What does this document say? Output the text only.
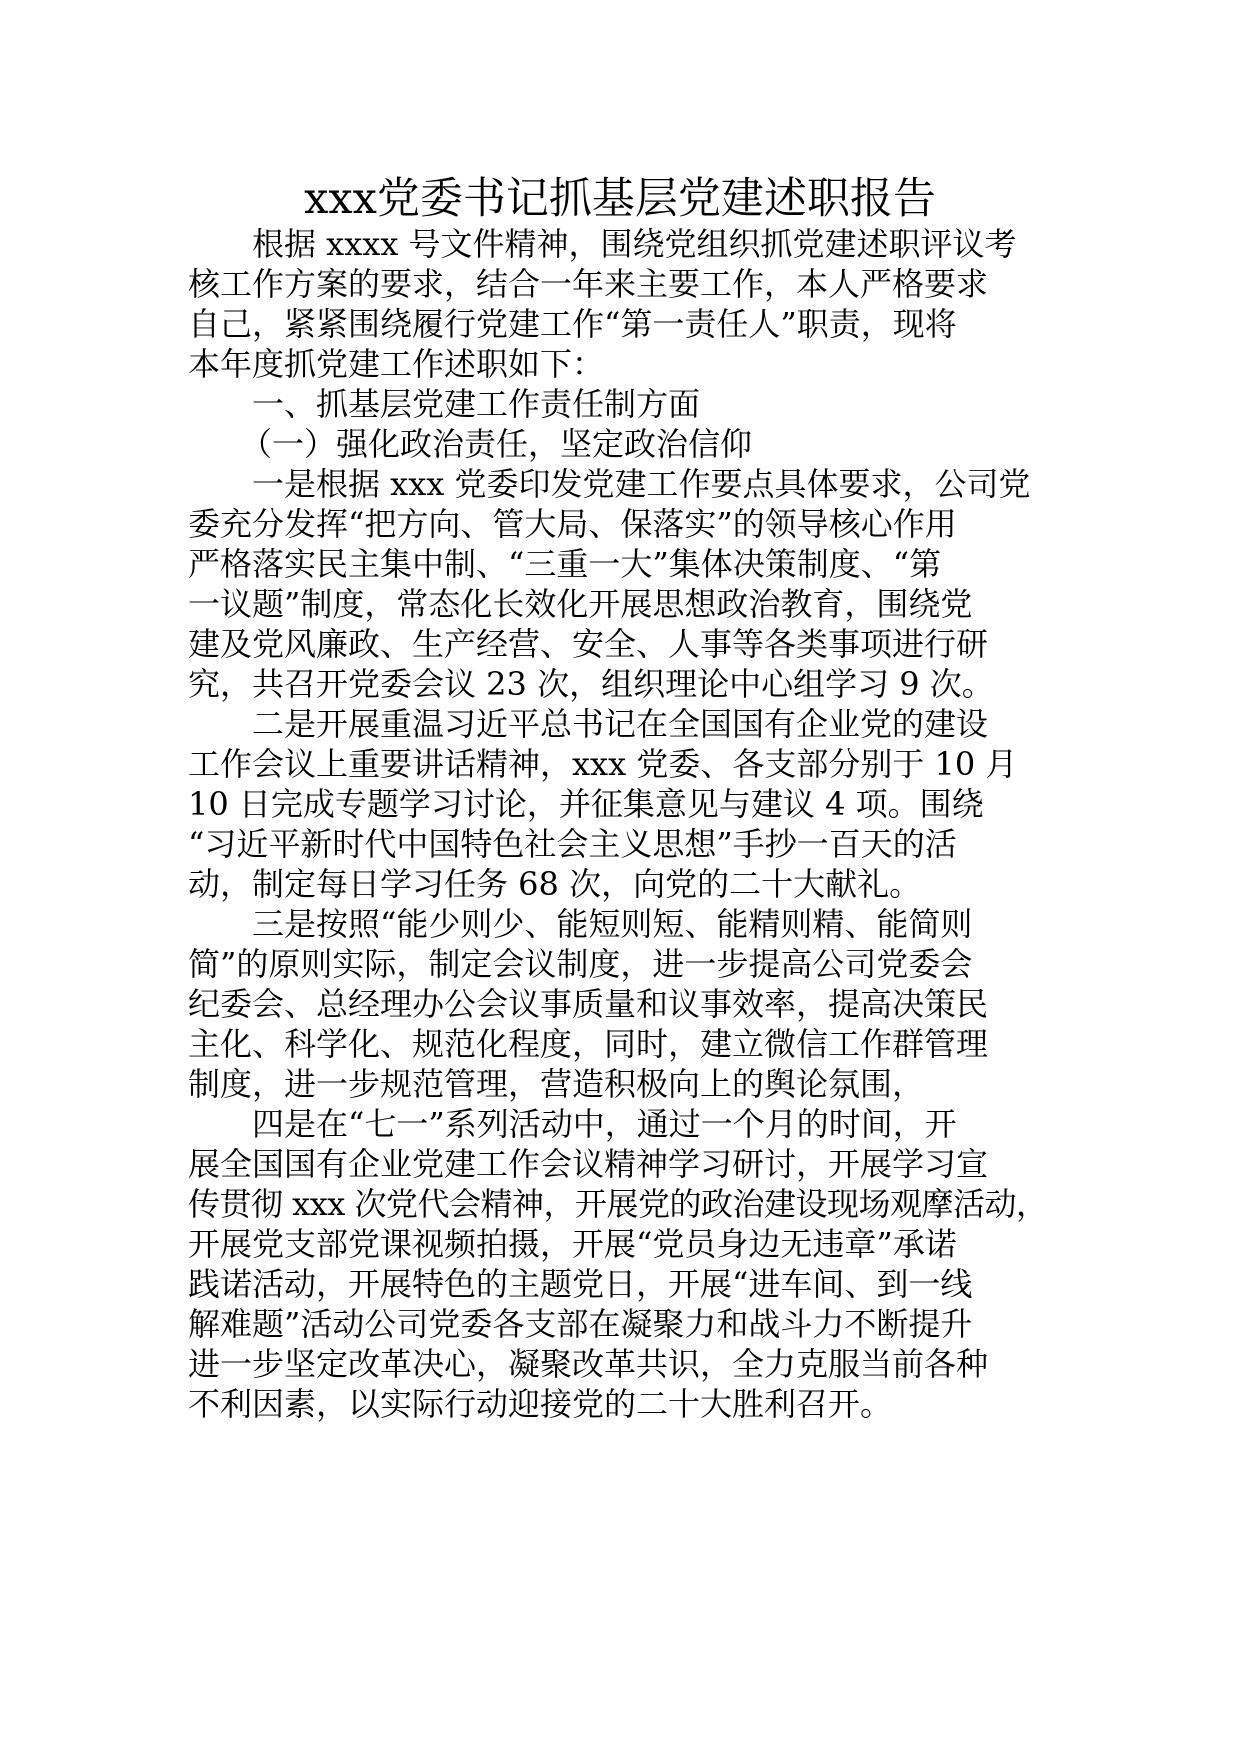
xxx党委书记抓基层党建述职报告

根据 xxxx 号文件精神，围绕党组织抓党建述职评议考

核工作方案的要求，结合一年来主要工作，本人严格要求

自己，紧紧围绕履行党建工作“第一责任人”职责，现将

本年度抓党建工作述职如下：

一、抓基层党建工作责任制方面

（一）强化政治责任，坚定政治信仰

一是根据 xxx 党委印发党建工作要点具体要求，公司党

委充分发挥“把方向、管大局、保落实”的领导核心作用

严格落实民主集中制、“三重一大”集体决策制度、“第

一议题”制度，常态化长效化开展思想政治教育，围绕党

建及党风廉政、生产经营、安全、人事等各类事项进行研

究，共召开党委会议 23 次，组织理论中心组学习 9 次。

二是开展重温习近平总书记在全国国有企业党的建设

工作会议上重要讲话精神，xxx 党委、各支部分别于 10 月

10 日完成专题学习讨论，并征集意见与建议 4 项。围绕

“习近平新时代中国特色社会主义思想”手抄一百天的活

动，制定每日学习任务 68 次，向党的二十大献礼。

三是按照“能少则少、能短则短、能精则精、能简则

简”的原则实际，制定会议制度，进一步提高公司党委会

纪委会、总经理办公会议事质量和议事效率，提高决策民

主化、科学化、规范化程度，同时，建立微信工作群管理

制度，进一步规范管理，营造积极向上的舆论氛围，

四是在“七一”系列活动中，通过一个月的时间，开

展全国国有企业党建工作会议精神学习研讨，开展学习宣

传贯彻 xxx 次党代会精神，开展党的政治建设现场观摩活动，

开展党支部党课视频拍摄，开展“党员身边无违章”承诺

践诺活动，开展特色的主题党日，开展“进车间、到一线

解难题”活动公司党委各支部在凝聚力和战斗力不断提升

进一步坚定改革决心，凝聚改革共识，全力克服当前各种

不利因素，以实际行动迎接党的二十大胜利召开。
